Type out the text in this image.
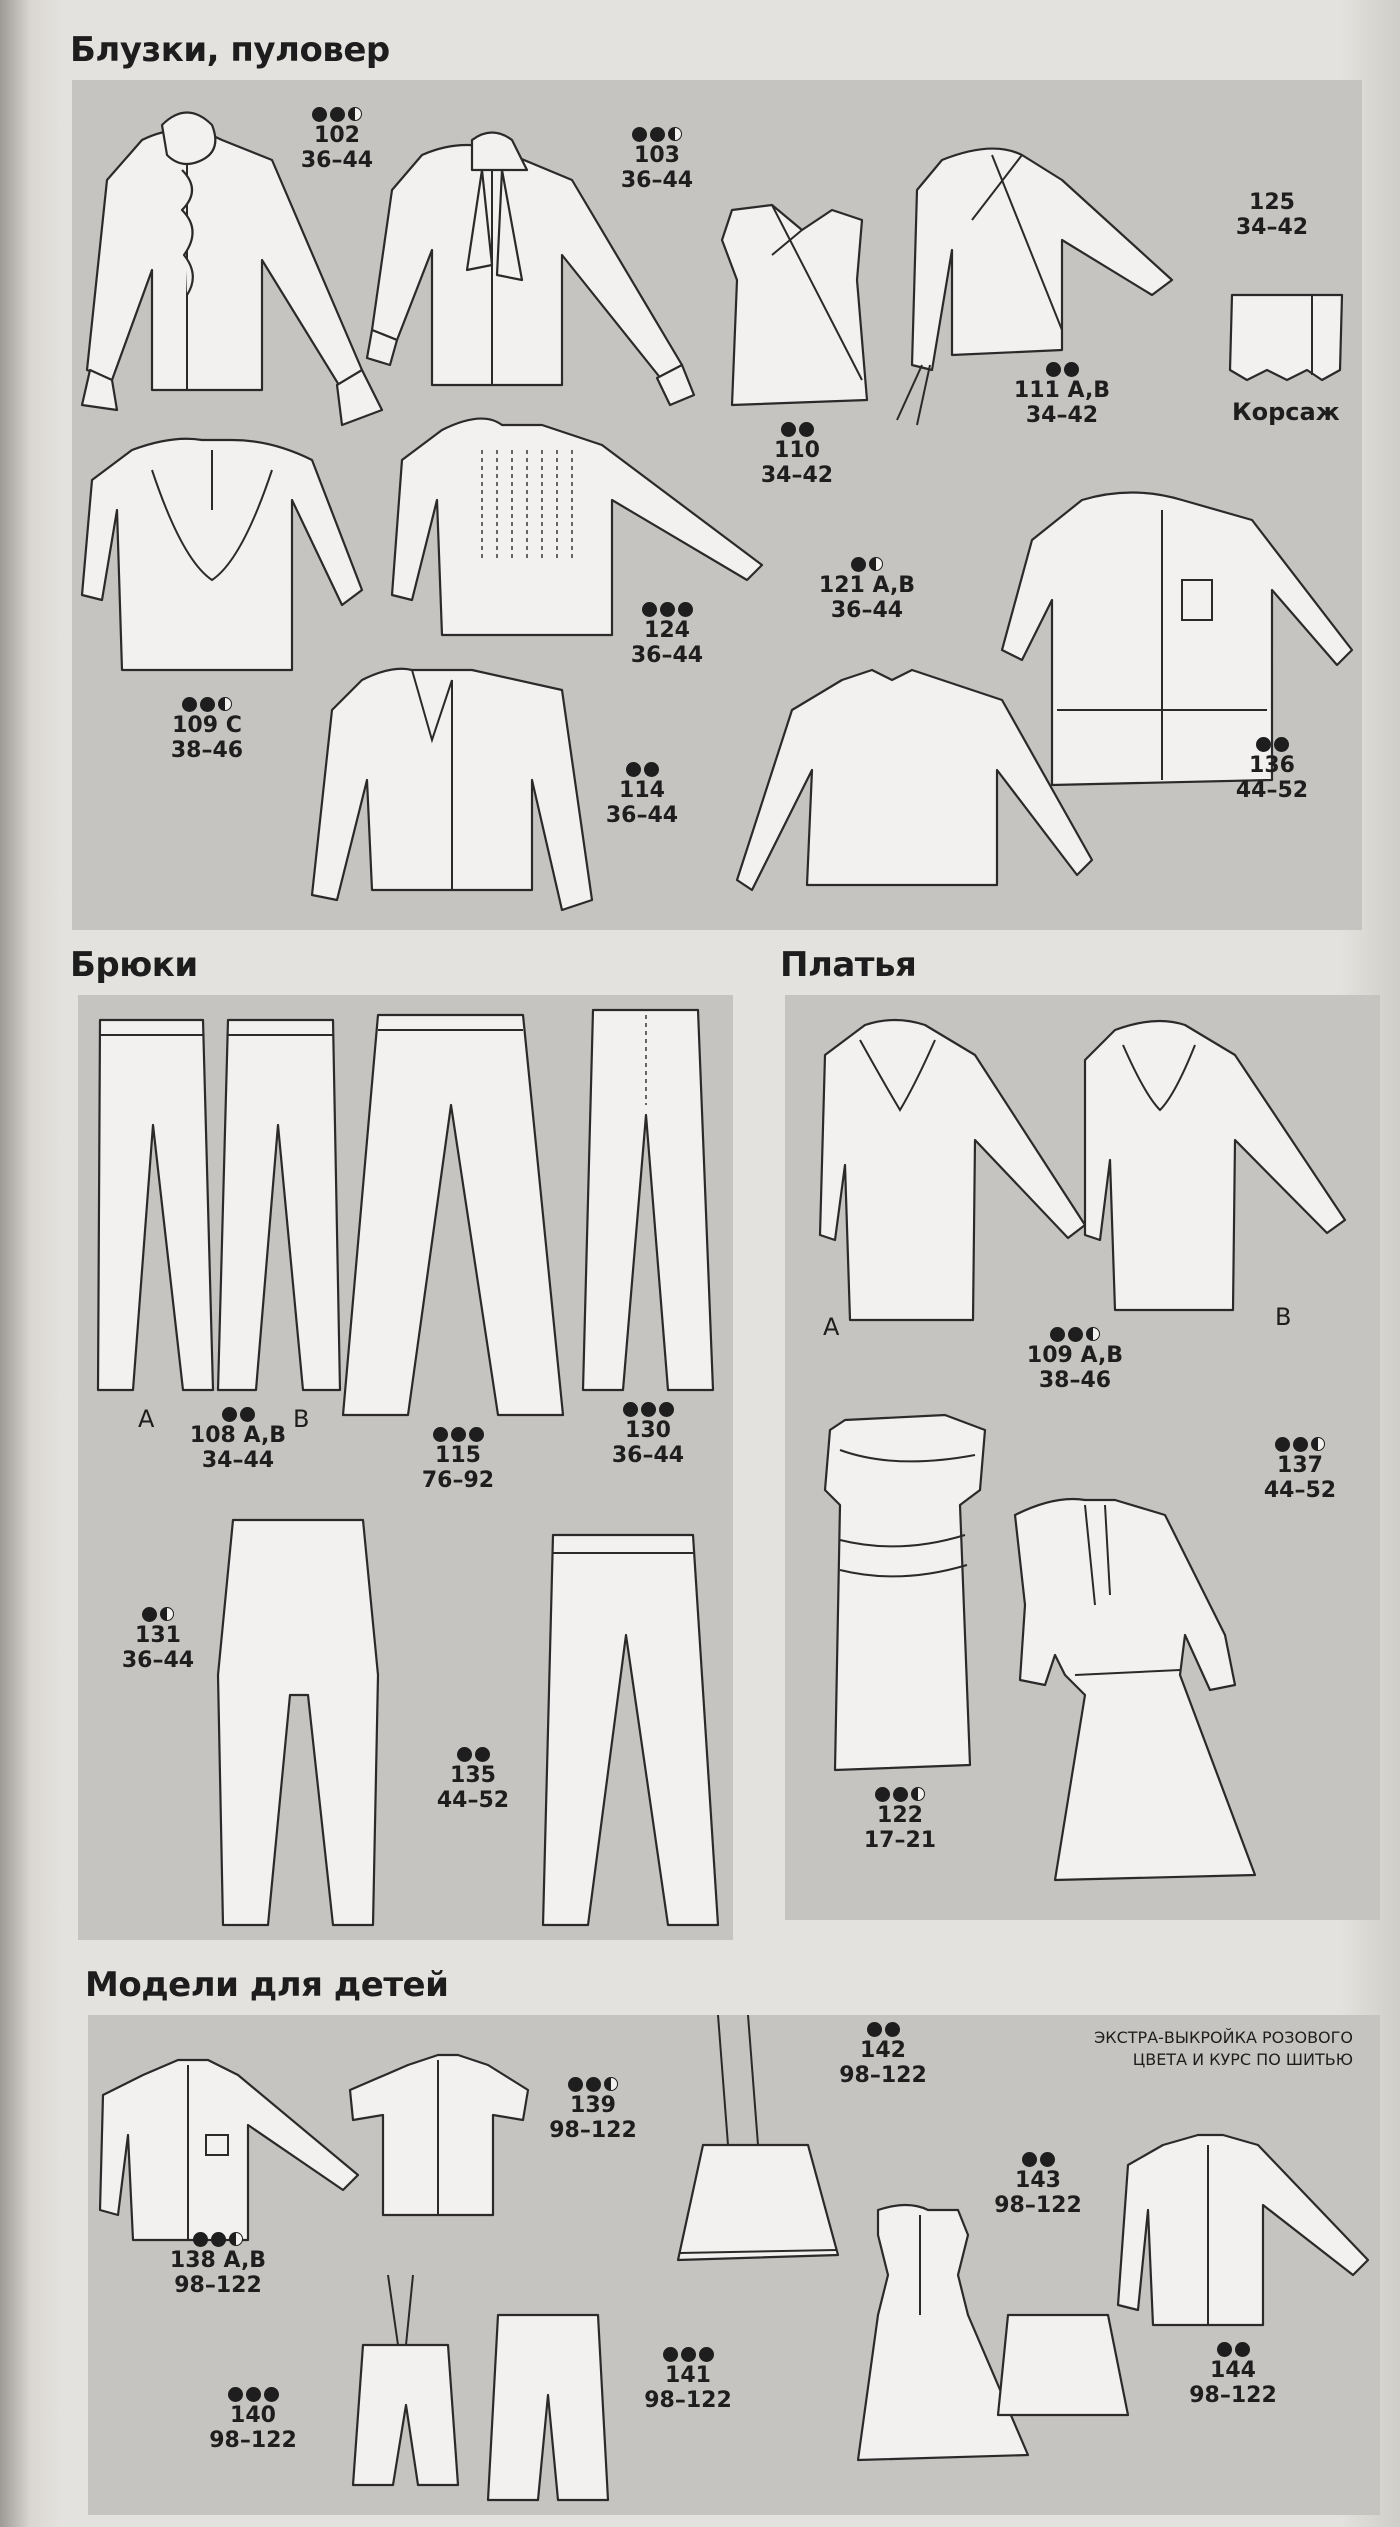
Блузки, пуловер
102
36–44	103
36–44
110
34–42
111 A,B
34–42
125
34–42
Корсаж
109 C
38–46
124
36–44
121 A,B
36–44
136
44–52
114
36–44
Брюки
A	B
108 A,B
34–44	115
76–92
130
36–44
131
36–44
135
44–52
Платья
A	B
109 A,B
38–46
137
44–52
122
17–21
Модели для детей
138 A,B
98–122
139
98–122
142
98–122
143
98–122
144
98–122
140
98–122
141
98–122
ЭКСТРА-ВЫКРОЙКА РОЗОВОГО
ЦВЕТА И КУРС ПО ШИТЬЮ
